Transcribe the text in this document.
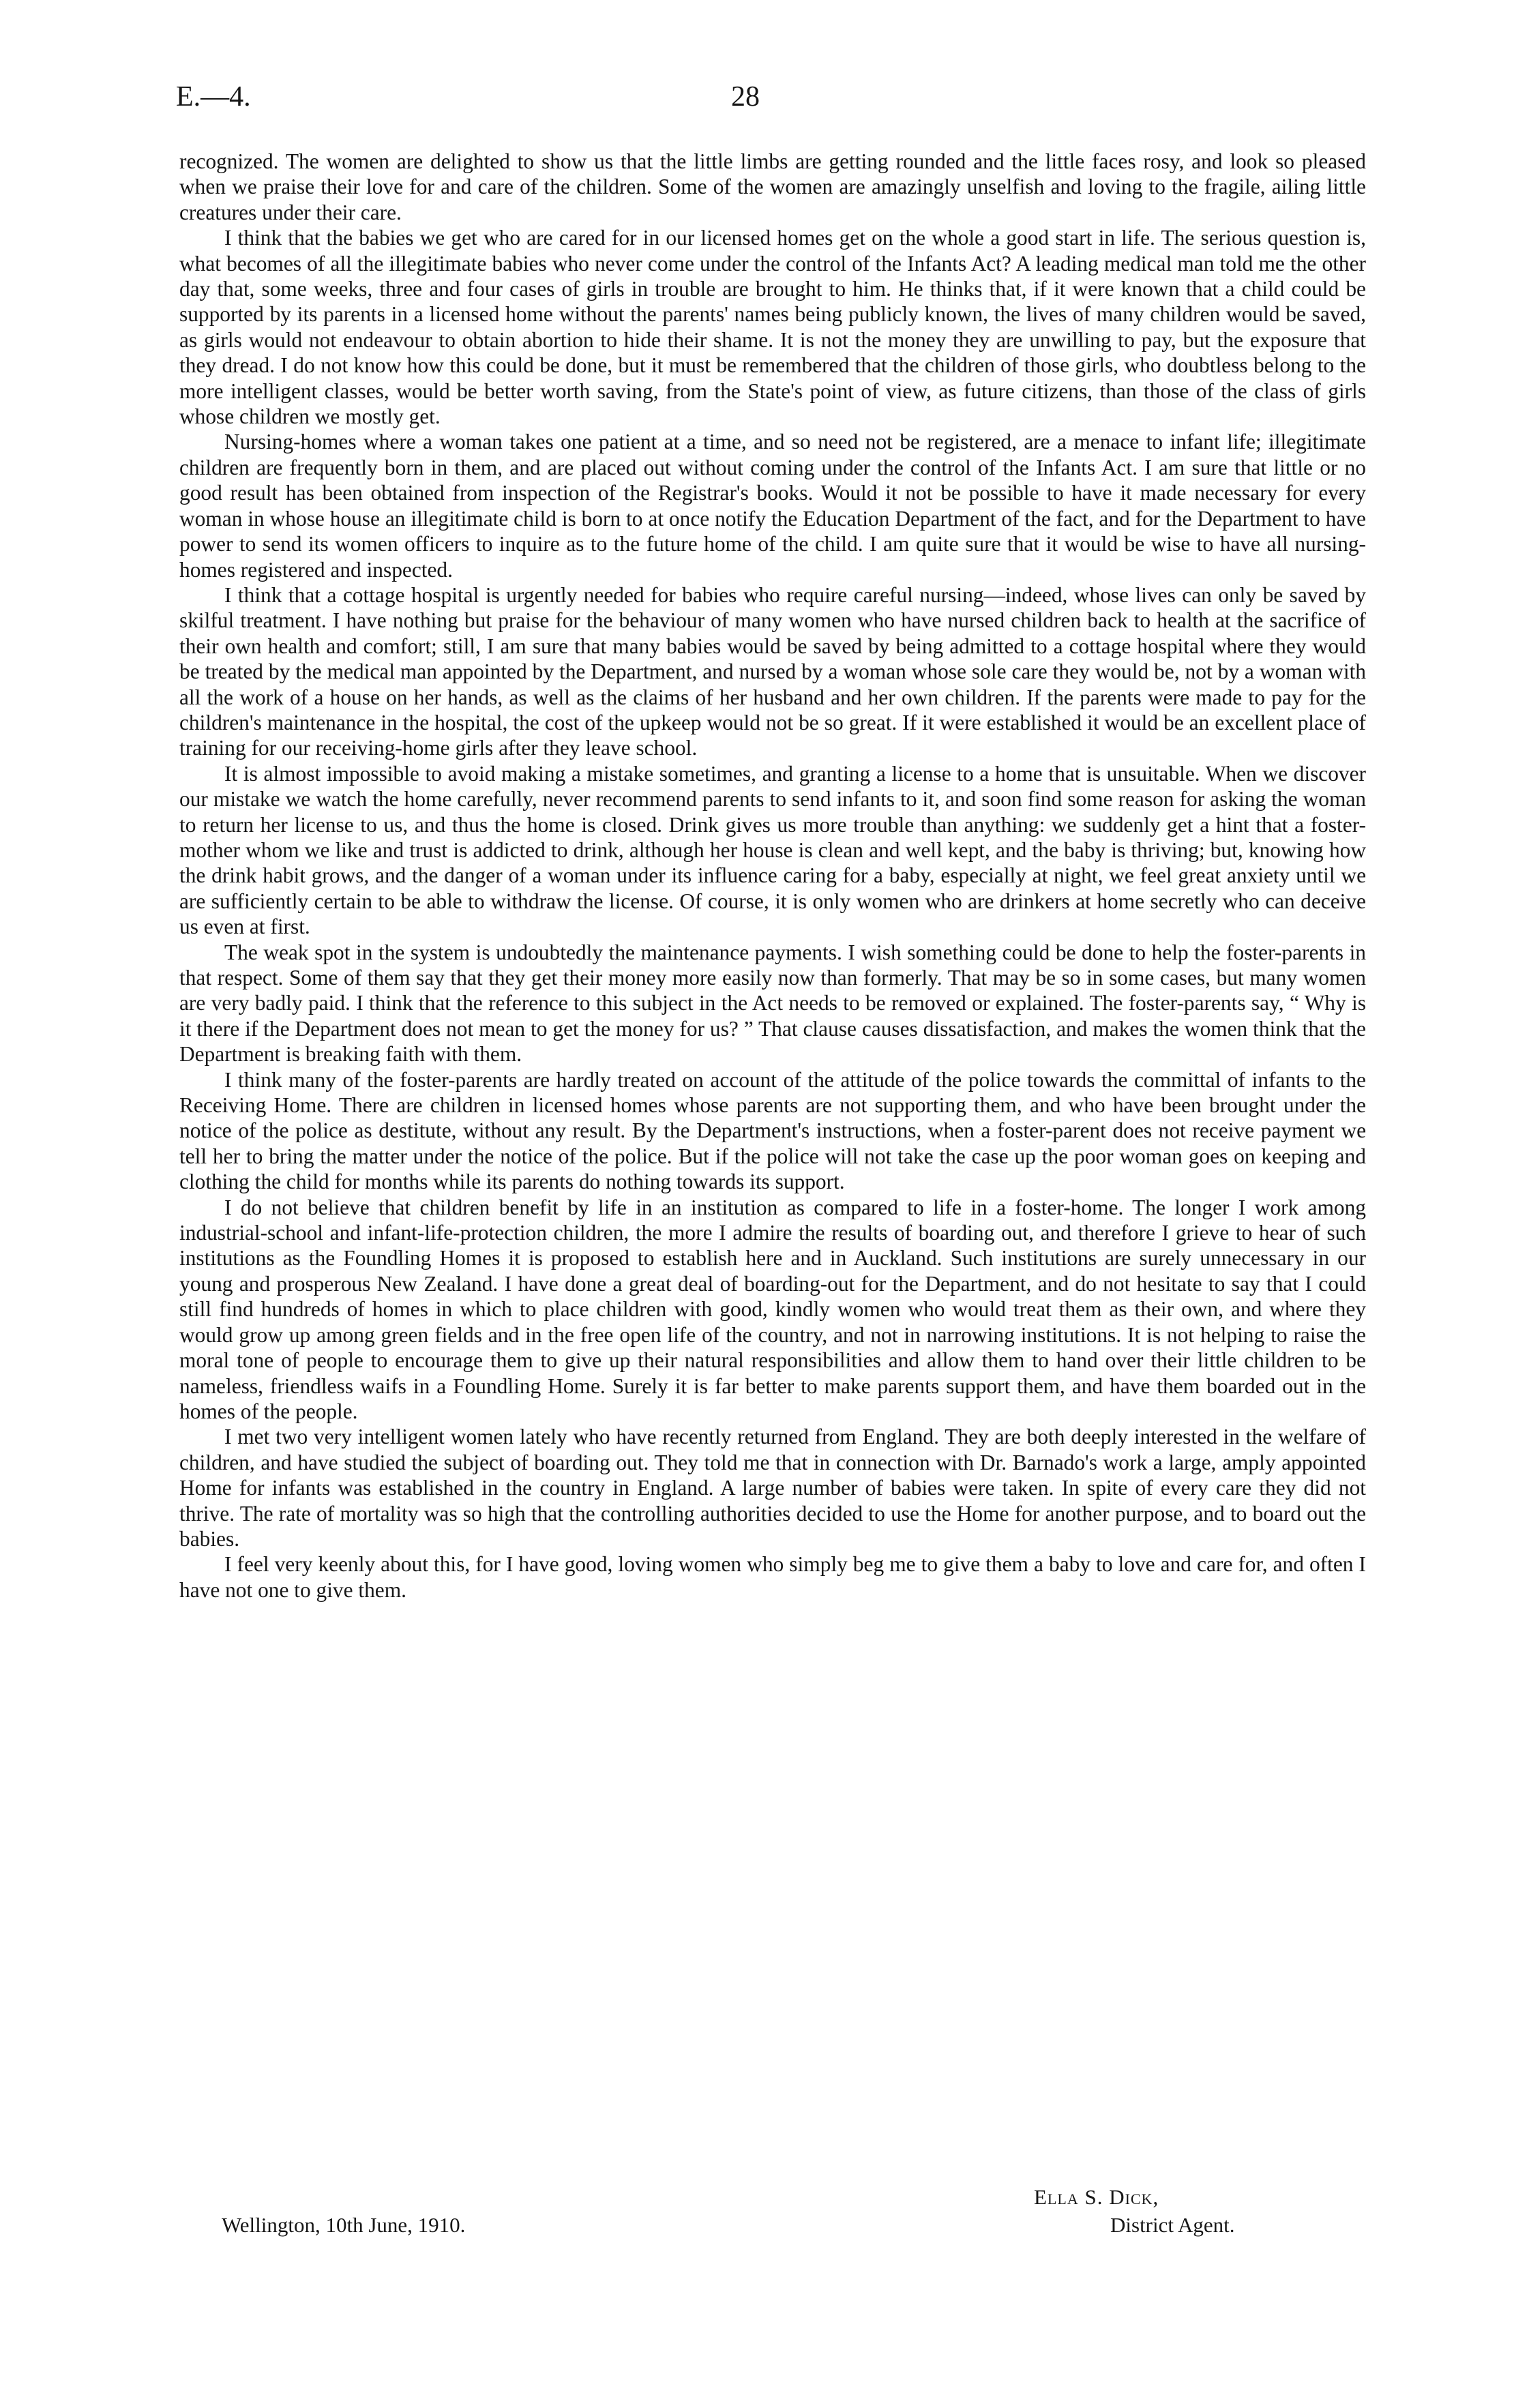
E.—4.	28

recognized. The women are delighted to show us that the little limbs are getting rounded and the little faces rosy, and look so pleased when we praise their love for and care of the children. Some of the women are amazingly unselfish and loving to the fragile, ailing little creatures under their care.

I think that the babies we get who are cared for in our licensed homes get on the whole a good start in life. The serious question is, what becomes of all the illegitimate babies who never come under the control of the Infants Act? A leading medical man told me the other day that, some weeks, three and four cases of girls in trouble are brought to him. He thinks that, if it were known that a child could be supported by its parents in a licensed home without the parents' names being publicly known, the lives of many children would be saved, as girls would not endeavour to obtain abortion to hide their shame. It is not the money they are unwilling to pay, but the exposure that they dread. I do not know how this could be done, but it must be remembered that the children of those girls, who doubtless belong to the more intelligent classes, would be better worth saving, from the State's point of view, as future citizens, than those of the class of girls whose children we mostly get.

Nursing-homes where a woman takes one patient at a time, and so need not be registered, are a menace to infant life; illegitimate children are frequently born in them, and are placed out without coming under the control of the Infants Act. I am sure that little or no good result has been obtained from inspection of the Registrar's books. Would it not be possible to have it made necessary for every woman in whose house an illegitimate child is born to at once notify the Education Department of the fact, and for the Department to have power to send its women officers to inquire as to the future home of the child. I am quite sure that it would be wise to have all nursing-homes registered and inspected.

I think that a cottage hospital is urgently needed for babies who require careful nursing—indeed, whose lives can only be saved by skilful treatment. I have nothing but praise for the behaviour of many women who have nursed children back to health at the sacrifice of their own health and comfort; still, I am sure that many babies would be saved by being admitted to a cottage hospital where they would be treated by the medical man appointed by the Department, and nursed by a woman whose sole care they would be, not by a woman with all the work of a house on her hands, as well as the claims of her husband and her own children. If the parents were made to pay for the children's maintenance in the hospital, the cost of the upkeep would not be so great. If it were established it would be an excellent place of training for our receiving-home girls after they leave school.

It is almost impossible to avoid making a mistake sometimes, and granting a license to a home that is unsuitable. When we discover our mistake we watch the home carefully, never recommend parents to send infants to it, and soon find some reason for asking the woman to return her license to us, and thus the home is closed. Drink gives us more trouble than anything: we suddenly get a hint that a foster-mother whom we like and trust is addicted to drink, although her house is clean and well kept, and the baby is thriving; but, knowing how the drink habit grows, and the danger of a woman under its influence caring for a baby, especially at night, we feel great anxiety until we are sufficiently certain to be able to withdraw the license. Of course, it is only women who are drinkers at home secretly who can deceive us even at first.

The weak spot in the system is undoubtedly the maintenance payments. I wish something could be done to help the foster-parents in that respect. Some of them say that they get their money more easily now than formerly. That may be so in some cases, but many women are very badly paid. I think that the reference to this subject in the Act needs to be removed or explained. The foster-parents say, “ Why is it there if the Department does not mean to get the money for us? ” That clause causes dissatisfaction, and makes the women think that the Department is breaking faith with them.

I think many of the foster-parents are hardly treated on account of the attitude of the police towards the committal of infants to the Receiving Home. There are children in licensed homes whose parents are not supporting them, and who have been brought under the notice of the police as destitute, without any result. By the Department's instructions, when a foster-parent does not receive payment we tell her to bring the matter under the notice of the police. But if the police will not take the case up the poor woman goes on keeping and clothing the child for months while its parents do nothing towards its support.

I do not believe that children benefit by life in an institution as compared to life in a foster-home. The longer I work among industrial-school and infant-life-protection children, the more I admire the results of boarding out, and therefore I grieve to hear of such institutions as the Foundling Homes it is proposed to establish here and in Auckland. Such institutions are surely unnecessary in our young and prosperous New Zealand. I have done a great deal of boarding-out for the Department, and do not hesitate to say that I could still find hundreds of homes in which to place children with good, kindly women who would treat them as their own, and where they would grow up among green fields and in the free open life of the country, and not in narrowing institutions. It is not helping to raise the moral tone of people to encourage them to give up their natural responsibilities and allow them to hand over their little children to be nameless, friendless waifs in a Foundling Home. Surely it is far better to make parents support them, and have them boarded out in the homes of the people.

I met two very intelligent women lately who have recently returned from England. They are both deeply interested in the welfare of children, and have studied the subject of boarding out. They told me that in connection with Dr. Barnado's work a large, amply appointed Home for infants was established in the country in England. A large number of babies were taken. In spite of every care they did not thrive. The rate of mortality was so high that the controlling authorities decided to use the Home for another purpose, and to board out the babies.

I feel very keenly about this, for I have good, loving women who simply beg me to give them a baby to love and care for, and often I have not one to give them.

Ella S. Dick,
District Agent.
Wellington, 10th June, 1910.
